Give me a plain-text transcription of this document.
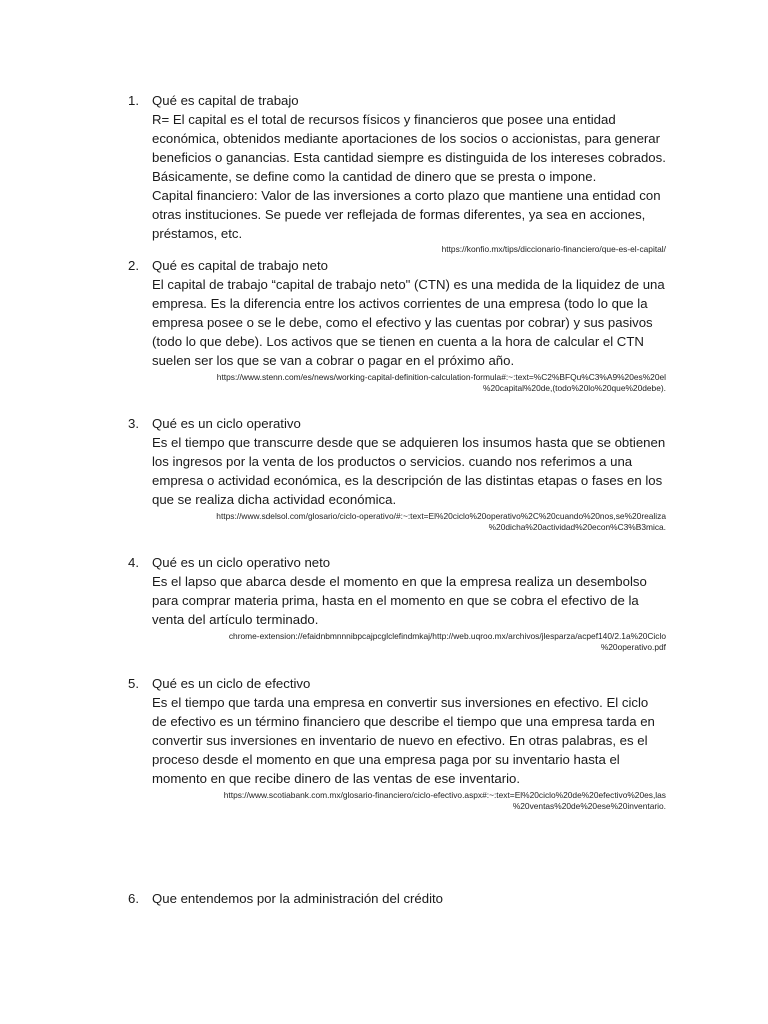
1. Qué es capital de trabajo

R= El capital es el total de recursos físicos y financieros que posee una entidad económica, obtenidos mediante aportaciones de los socios o accionistas, para generar beneficios o ganancias. Esta cantidad siempre es distinguida de los intereses cobrados. Básicamente, se define como la cantidad de dinero que se presta o impone.

Capital financiero: Valor de las inversiones a corto plazo que mantiene una entidad con otras instituciones. Se puede ver reflejada de formas diferentes, ya sea en acciones, préstamos, etc.

https://konfio.mx/tips/diccionario-financiero/que-es-el-capital/

2. Qué es capital de trabajo neto

El capital de trabajo “capital de trabajo neto" (CTN) es una medida de la liquidez de una empresa. Es la diferencia entre los activos corrientes de una empresa (todo lo que la empresa posee o se le debe, como el efectivo y las cuentas por cobrar) y sus pasivos (todo lo que debe). Los activos que se tienen en cuenta a la hora de calcular el CTN suelen ser los que se van a cobrar o pagar en el próximo año.

https://www.stenn.com/es/news/working-capital-definition-calculation-formula#:~:text=%C2%BFQu%C3%A9%20es%20el
%20capital%20de,(todo%20lo%20que%20debe).

3. Qué es un ciclo operativo

Es el tiempo que transcurre desde que se adquieren los insumos hasta que se obtienen los ingresos por la venta de los productos o servicios. cuando nos referimos a una empresa o actividad económica, es la descripción de las distintas etapas o fases en los que se realiza dicha actividad económica.

https://www.sdelsol.com/glosario/ciclo-operativo/#:~:text=El%20ciclo%20operativo%2C%20cuando%20nos,se%20realiza
%20dicha%20actividad%20econ%C3%B3mica.

4. Qué es un ciclo operativo neto

Es el lapso que abarca desde el momento en que la empresa realiza un desembolso para comprar materia prima, hasta en el momento en que se cobra el efectivo de la venta del artículo terminado.

chrome-extension://efaidnbmnnnibpcajpcglclefindmkaj/http://web.uqroo.mx/archivos/jlesparza/acpef140/2.1a%20Ciclo
%20operativo.pdf

5. Qué es un ciclo de efectivo

Es el tiempo que tarda una empresa en convertir sus inversiones en efectivo. El ciclo de efectivo es un término financiero que describe el tiempo que una empresa tarda en convertir sus inversiones en inventario de nuevo en efectivo. En otras palabras, es el proceso desde el momento en que una empresa paga por su inventario hasta el momento en que recibe dinero de las ventas de ese inventario.

https://www.scotiabank.com.mx/glosario-financiero/ciclo-efectivo.aspx#:~:text=El%20ciclo%20de%20efectivo%20es,las
%20ventas%20de%20ese%20inventario.

6. Que entendemos por la administración del crédito
